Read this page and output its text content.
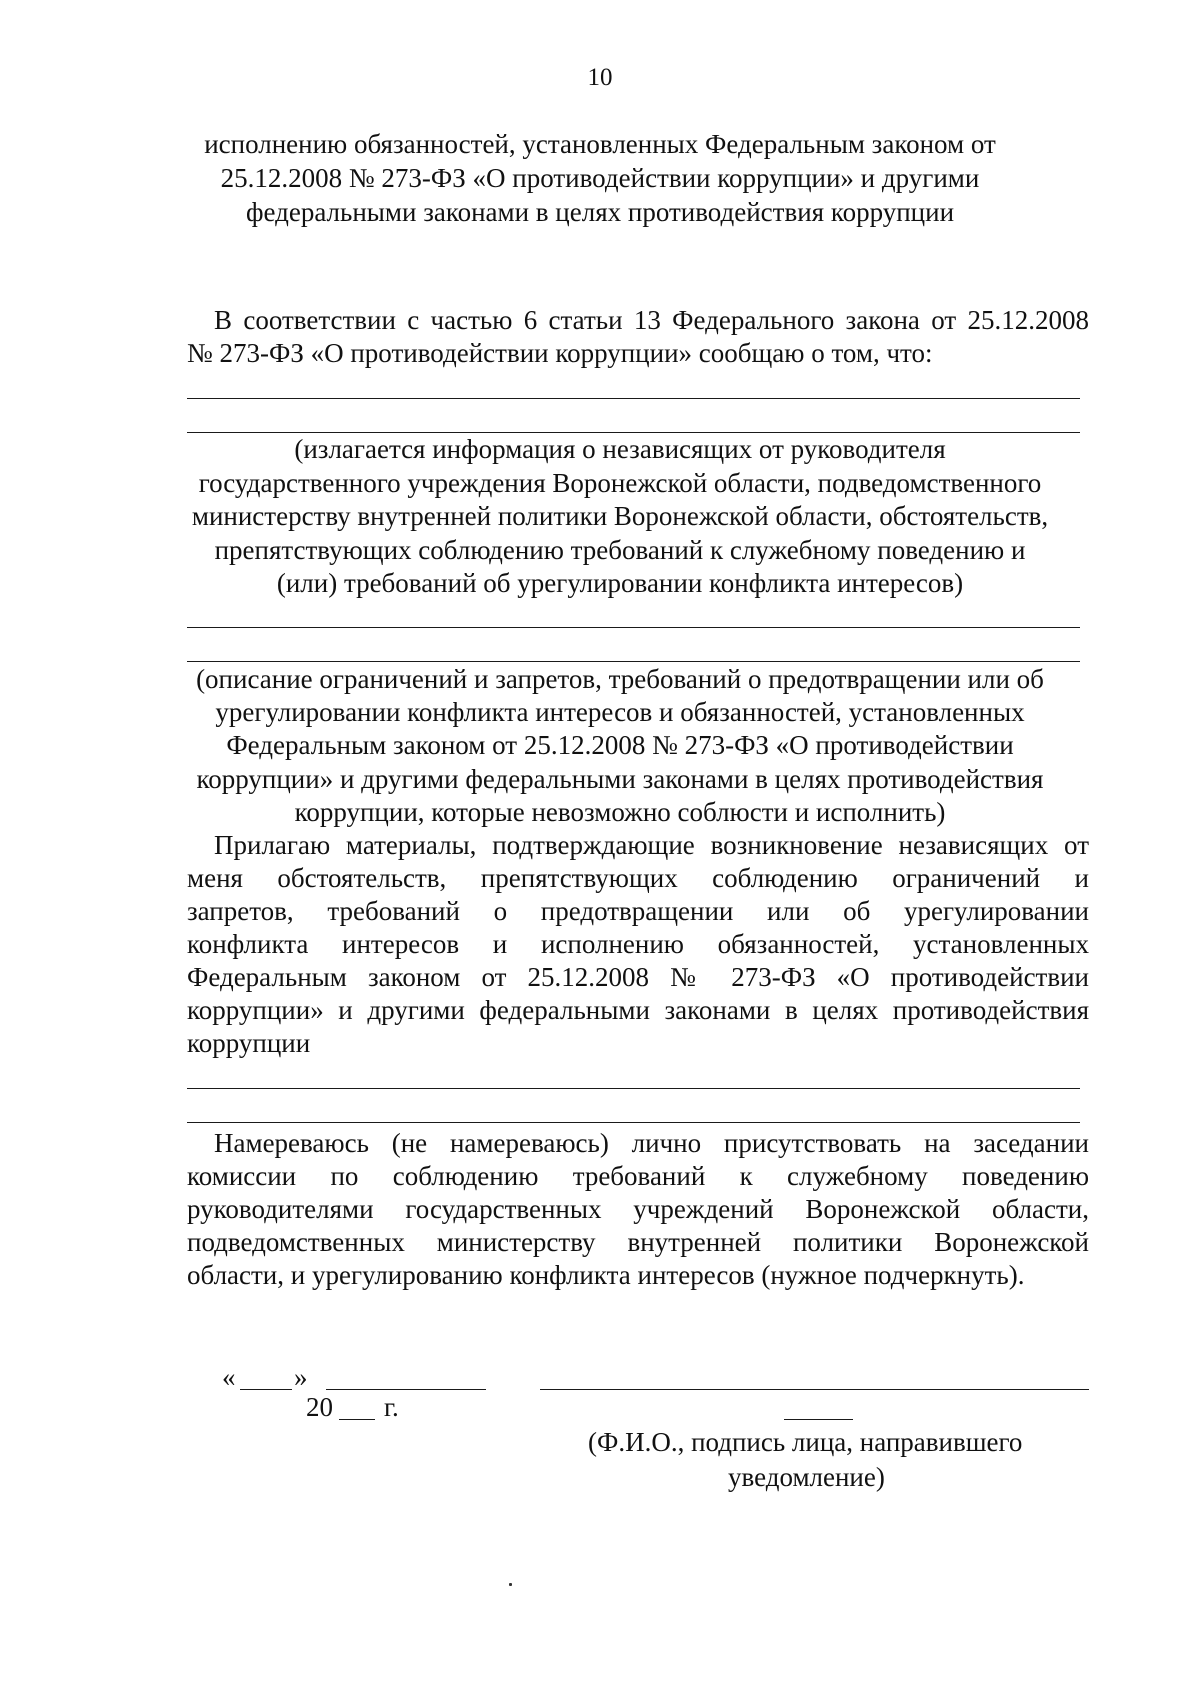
10
исполнению обязанностей, установленных Федеральным законом от
25.12.2008 № 273-ФЗ «О противодействии коррупции» и другими
федеральными законами в целях противодействия коррупции
В соответствии с частью 6 статьи 13 Федерального закона от 25.12.2008
№ 273-ФЗ «О противодействии коррупции» сообщаю о том, что:
(излагается информация о независящих от руководителя
государственного учреждения Воронежской области, подведомственного
министерству внутренней политики Воронежской области, обстоятельств,
препятствующих соблюдению требований к служебному поведению и
(или) требований об урегулировании конфликта интересов)
(описание ограничений и запретов, требований о предотвращении или об
урегулировании конфликта интересов и обязанностей, установленных
Федеральным законом от 25.12.2008 № 273-ФЗ «О противодействии
коррупции» и другими федеральными законами в целях противодействия
коррупции, которые невозможно соблюсти и исполнить)
Прилагаю материалы, подтверждающие возникновение независящих от
меня обстоятельств, препятствующих соблюдению ограничений и
запретов, требований о предотвращении или об урегулировании
конфликта интересов и исполнению обязанностей, установленных
Федеральным законом от 25.12.2008 № 273-ФЗ «О противодействии
коррупции» и другими федеральными законами в целях противодействия
коррупции
Намереваюсь (не намереваюсь) лично присутствовать на заседании
комиссии по соблюдению требований к служебному поведению
руководителями государственных учреждений Воронежской области,
подведомственных министерству внутренней политики Воронежской
области, и урегулированию конфликта интересов (нужное подчеркнуть).
« »
20 г.
(Ф.И.О., подпись лица, направившего
уведомление)
